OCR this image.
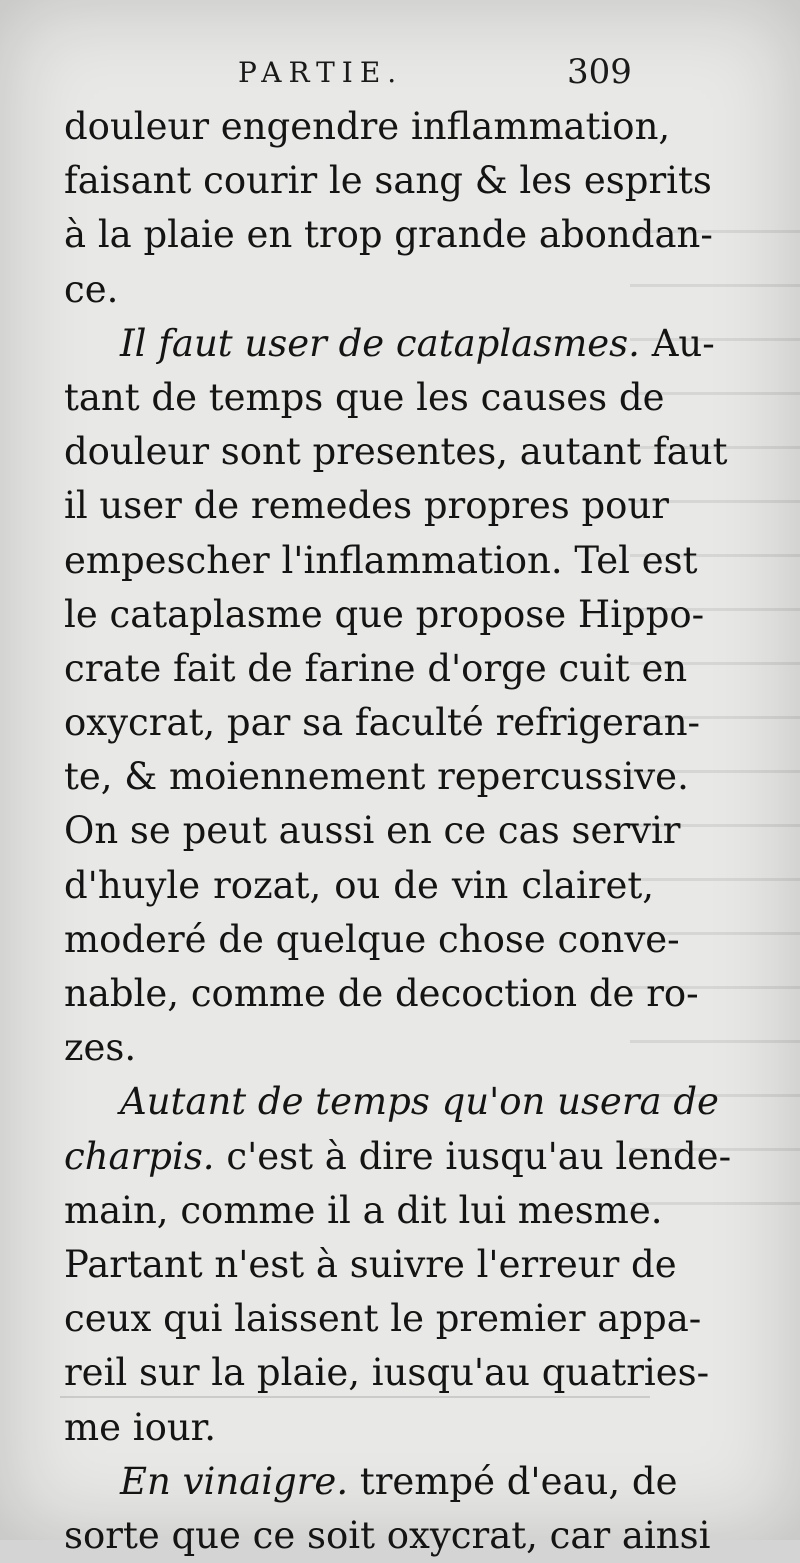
PARTIE.	309
douleur engendre inflammation,
faisant courir le sang & les esprits
à la plaie en trop grande abondan-
ce.
Il faut user de cataplasmes. Au-
tant de temps que les causes de
douleur sont presentes, autant faut
il user de remedes propres pour
empescher l'inflammation. Tel est
le cataplasme que propose Hippo-
crate fait de farine d'orge cuit en
oxycrat, par sa faculté refrigeran-
te, & moiennement repercussive.
On se peut aussi en ce cas servir
d'huyle rozat, ou de vin clairet,
moderé de quelque chose conve-
nable, comme de decoction de ro-
zes.
Autant de temps qu'on usera de
charpis. c'est à dire iusqu'au lende-
main, comme il a dit lui mesme.
Partant n'est à suivre l'erreur de
ceux qui laissent le premier appa-
reil sur la plaie, iusqu'au quatries-
me iour.
En vinaigre. trempé d'eau, de
sorte que ce soit oxycrat, car ainsi
